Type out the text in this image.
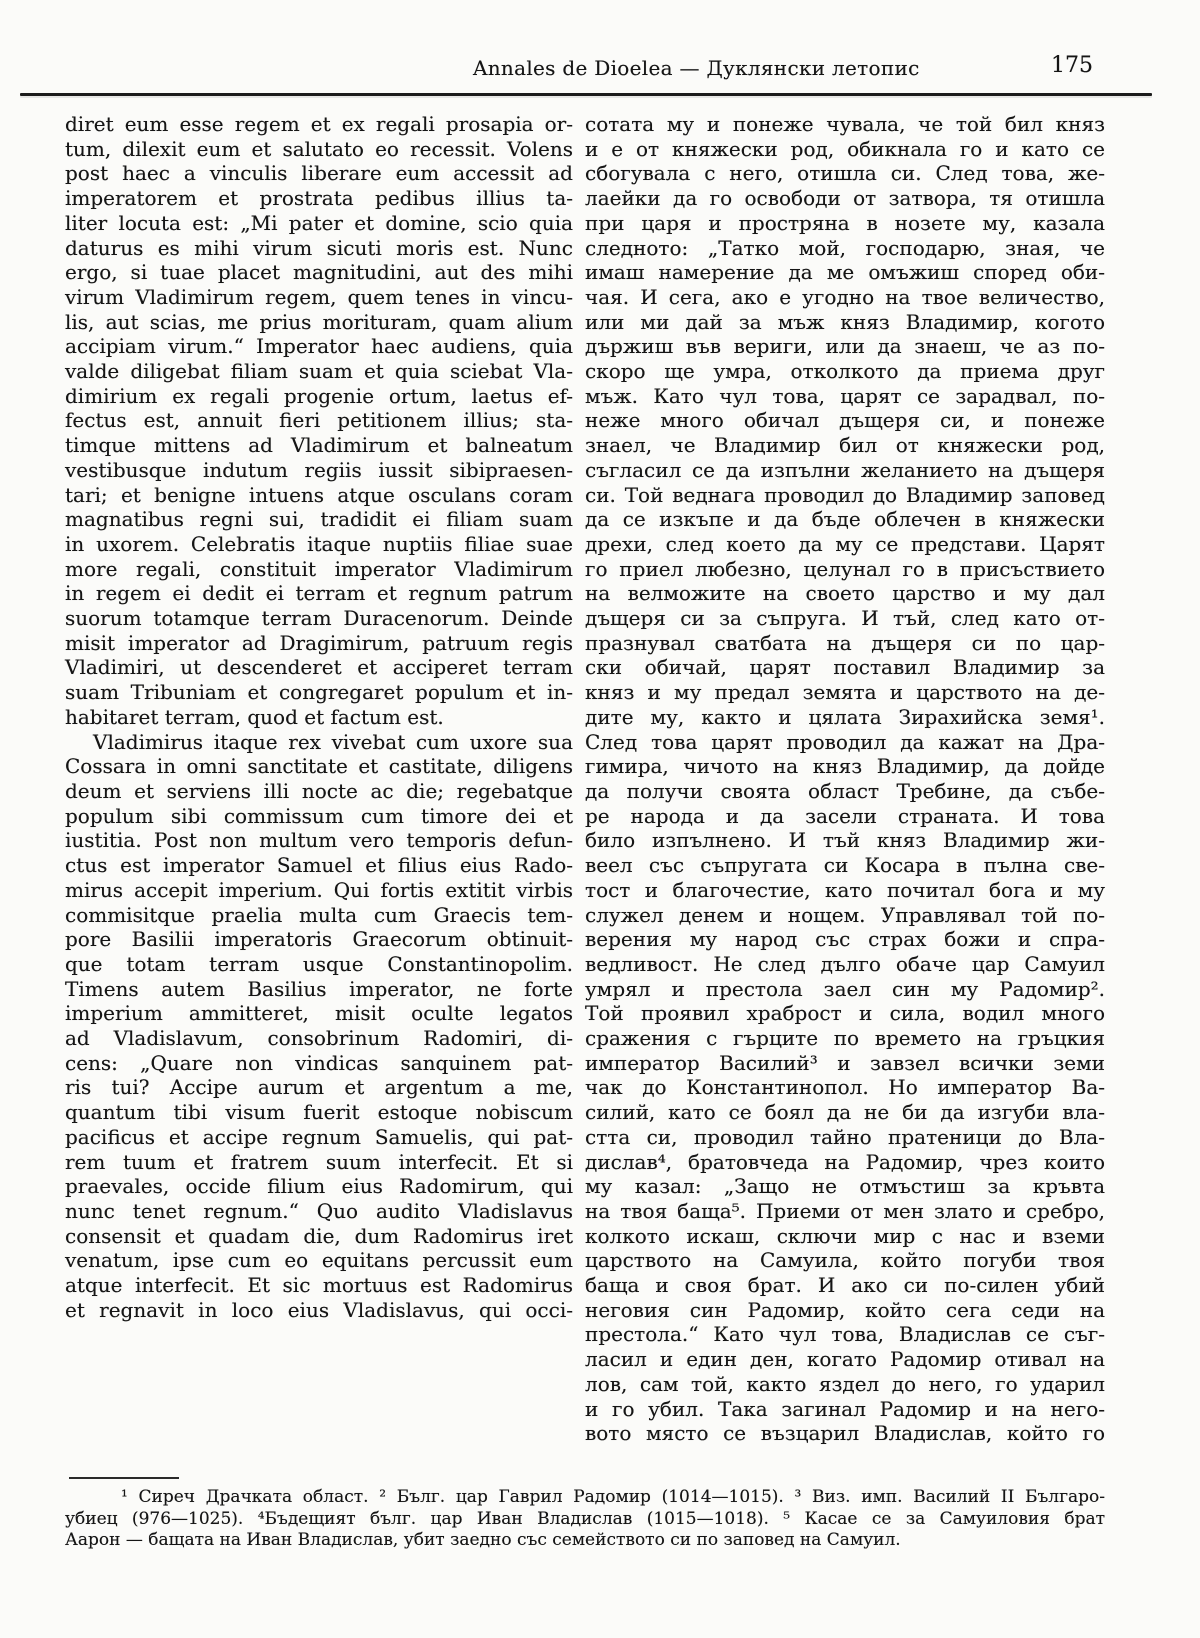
Annales de Dioelea — Дуклянски летопис	175
diret eum esse regem et ex regali prosapia or-
tum, dilexit eum et salutato eo recessit. Volens
post haec a vinculis liberare eum accessit ad
imperatorem et prostrata pedibus illius ta-
liter locuta est: „Mi pater et domine, scio quia
daturus es mihi virum sicuti moris est. Nunc
ergo, si tuae placet magnitudini, aut des mihi
virum Vladimirum regem, quem tenes in vincu-
lis, aut scias, me prius morituram, quam alium
accipiam virum.“ Imperator haec audiens, quia
valde diligebat filiam suam et quia sciebat Vla-
dimirium ex regali progenie ortum, laetus ef-
fectus est, annuit fieri petitionem illius; sta-
timque mittens ad Vladimirum et balneatum
vestibusque indutum regiis iussit sibipraesen-
tari; et benigne intuens atque osculans coram
magnatibus regni sui, tradidit ei filiam suam
in uxorem. Celebratis itaque nuptiis filiae suae
more regali, constituit imperator Vladimirum
in regem ei dedit ei terram et regnum patrum
suorum totamque terram Duracenorum. Deinde
misit imperator ad Dragimirum, patruum regis
Vladimiri, ut descenderet et acciperet terram
suam Tribuniam et congregaret populum et in-
habitaret terram, quod et factum est.
Vladimirus itaque rex vivebat cum uxore sua
Cossara in omni sanctitate et castitate, diligens
deum et serviens illi nocte ac die; regebatque
populum sibi commissum cum timore dei et
iustitia. Post non multum vero temporis defun-
ctus est imperator Samuel et filius eius Rado-
mirus accepit imperium. Qui fortis extitit virbis
commisitque praelia multa cum Graecis tem-
pore Basilii imperatoris Graecorum obtinuit-
que totam terram usque Constantinopolim.
Timens autem Basilius imperator, ne forte
imperium ammitteret, misit oculte legatos
ad Vladislavum, consobrinum Radomiri, di-
cens: „Quare non vindicas sanquinem pat-
ris tui? Accipe aurum et argentum a me,
quantum tibi visum fuerit estoque nobiscum
pacificus et accipe regnum Samuelis, qui pat-
rem tuum et fratrem suum interfecit. Et si
praevales, occide filium eius Radomirum, qui
nunc tenet regnum.“ Quo audito Vladislavus
consensit et quadam die, dum Radomirus iret
venatum, ipse cum eo equitans percussit eum
atque interfecit. Et sic mortuus est Radomirus
et regnavit in loco eius Vladislavus, qui occi-
сотата му и понеже чувала, че той бил княз
и е от княжески род, обикнала го и като се
сбогувала с него, отишла си. След това, же-
лаейки да го освободи от затвора, тя отишла
при царя и простряна в нозете му, казала
следното: „Татко мой, господарю, зная, че
имаш намерение да ме омъжиш според оби-
чая. И сега, ако е угодно на твое величество,
или ми дай за мъж княз Владимир, когото
държиш във вериги, или да знаеш, че аз по-
скоро ще умра, отколкото да приема друг
мъж. Като чул това, царят се зарадвал, по-
неже много обичал дъщеря си, и понеже
знаел, че Владимир бил от княжески род,
съгласил се да изпълни желанието на дъщеря
си. Той веднага проводил до Владимир заповед
да се изкъпе и да бъде облечен в княжески
дрехи, след което да му се представи. Царят
го приел любезно, целунал го в присъствието
на велможите на своето царство и му дал
дъщеря си за съпруга. И тъй, след като от-
празнувал сватбата на дъщеря си по цар-
ски обичай, царят поставил Владимир за
княз и му предал земята и царството на де-
дите му, както и цялата Зирахийска земя¹.
След това царят проводил да кажат на Дра-
гимира, чичото на княз Владимир, да дойде
да получи своята област Требине, да събе-
ре народа и да засели страната. И това
било изпълнено. И тъй княз Владимир жи-
веел със съпругата си Косара в пълна све-
тост и благочестие, като почитал бога и му
служел денем и нощем. Управлявал той по-
верения му народ със страх божи и спра-
ведливост. Не след дълго обаче цар Самуил
умрял и престола заел син му Радомир².
Той проявил храброст и сила, водил много
сражения с гърците по времето на гръцкия
император Василий³ и завзел всички земи
чак до Константинопол. Но император Ва-
силий, като се боял да не би да изгуби вла-
стта си, проводил тайно пратеници до Вла-
дислав⁴, братовчеда на Радомир, чрез които
му казал: „Защо не отмъстиш за кръвта
на твоя баща⁵. Приеми от мен злато и сребро,
колкото искаш, сключи мир с нас и вземи
царството на Самуила, който погуби твоя
баща и своя брат. И ако си по-силен убий
неговия син Радомир, който сега седи на
престола.“ Като чул това, Владислав се съг-
ласил и един ден, когато Радомир отивал на
лов, сам той, както яздел до него, го ударил
и го убил. Така загинал Радомир и на него-
вото място се възцарил Владислав, който го
¹ Сиреч Драчката област. ² Бълг. цар Гаврил Радомир (1014—1015). ³ Виз. имп. Василий II Българо-
убиец (976—1025). ⁴Бъдещият бълг. цар Иван Владислав (1015—1018). ⁵ Касае се за Самуиловия брат
Аарон — бащата на Иван Владислав, убит заедно със семейството си по заповед на Самуил.
